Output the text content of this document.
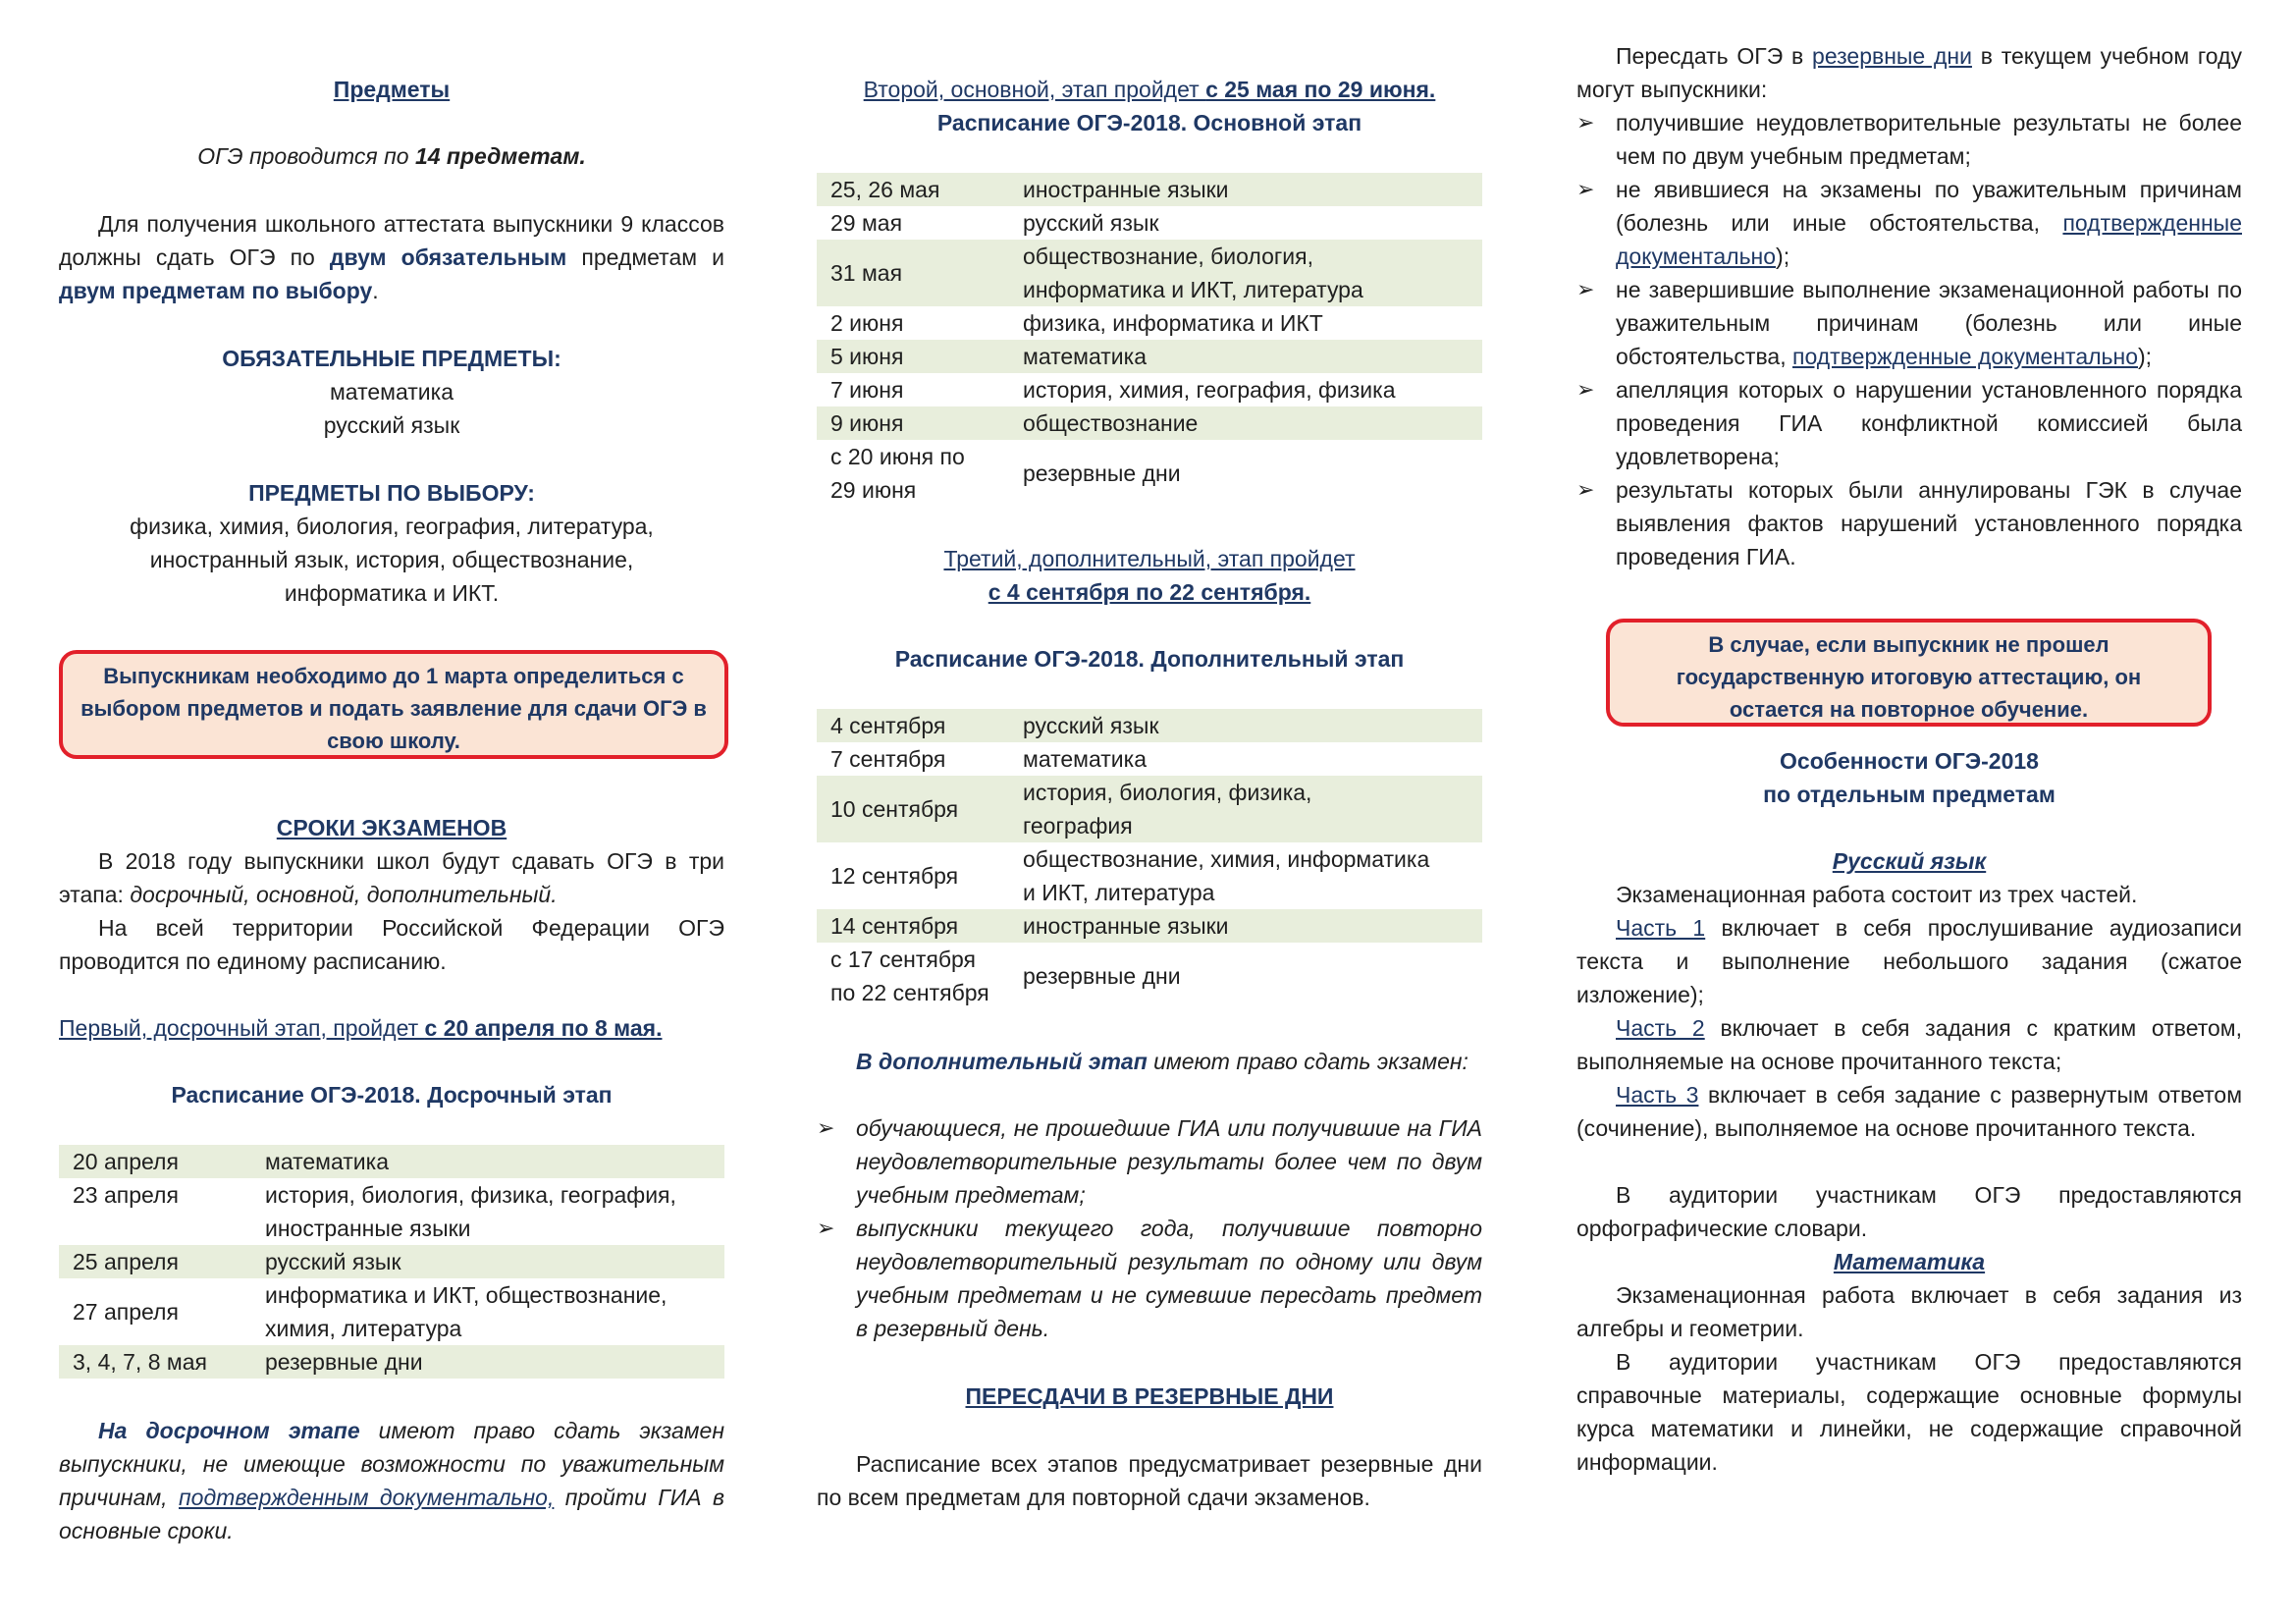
Предметы
ОГЭ проводится по 14 предметам.
Для получения школьного аттестата выпускники 9 классов должны сдать ОГЭ по двум обязательным предметам и двум предметам по выбору.
ОБЯЗАТЕЛЬНЫЕ ПРЕДМЕТЫ:
математика
русский язык
ПРЕДМЕТЫ ПО ВЫБОРУ:
физика, химия, биология, география, литература, иностранный язык, история, обществознание, информатика и ИКТ.
Выпускникам необходимо до 1 марта определиться с выбором предметов и подать заявление для сдачи ОГЭ в свою школу.
СРОКИ ЭКЗАМЕНОВ
В 2018 году выпускники школ будут сдавать ОГЭ в три этапа: досрочный, основной, дополнительный.
На всей территории Российской Федерации ОГЭ проводится по единому расписанию.
Первый, досрочный этап, пройдет с 20 апреля по 8 мая.
Расписание ОГЭ-2018. Досрочный этап
20 апреля	математика
23 апреля	история, биология, физика, география, иностранные языки
25 апреля	русский язык
27 апреля	информатика и ИКТ, обществознание, химия, литература
3, 4, 7, 8 мая	резервные дни
На досрочном этапе имеют право сдать экзамен выпускники, не имеющие возможности по уважительным причинам, подтвержденным документально, пройти ГИА в основные сроки.
Второй, основной, этап пройдет с 25 мая по 29 июня.
Расписание ОГЭ-2018. Основной этап
25, 26 мая	иностранные языки
29 мая	русский язык
31 мая	обществознание, биология, информатика и ИКТ, литература
2 июня	физика, информатика и ИКТ
5 июня	математика
7 июня	история, химия, география, физика
9 июня	обществознание
с 20 июня по 29 июня	резервные дни
Третий, дополнительный, этап пройдет
с 4 сентября по 22 сентября.
Расписание ОГЭ-2018. Дополнительный этап
4 сентября	русский язык
7 сентября	математика
10 сентября	история, биология, физика, география
12 сентября	обществознание, химия, информатика и ИКТ, литература
14 сентября	иностранные языки
с 17 сентября по 22 сентября	резервные дни
В дополнительный этап имеют право сдать экзамен:
➢ обучающиеся, не прошедшие ГИА или получившие на ГИА неудовлетворительные результаты более чем по двум учебным предметам;
➢ выпускники текущего года, получившие повторно неудовлетворительный результат по одному или двум учебным предметам и не сумевшие пересдать предмет в резервный день.
ПЕРЕСДАЧИ В РЕЗЕРВНЫЕ ДНИ
Расписание всех этапов предусматривает резервные дни по всем предметам для повторной сдачи экзаменов.
Пересдать ОГЭ в резервные дни в текущем учебном году могут выпускники:
➢ получившие неудовлетворительные результаты не более чем по двум учебным предметам;
➢ не явившиеся на экзамены по уважительным причинам (болезнь или иные обстоятельства, подтвержденные документально);
➢ не завершившие выполнение экзаменационной работы по уважительным причинам (болезнь или иные обстоятельства, подтвержденные документально);
➢ апелляция которых о нарушении установленного порядка проведения ГИА конфликтной комиссией была удовлетворена;
➢ результаты которых были аннулированы ГЭК в случае выявления фактов нарушений установленного порядка проведения ГИА.
В случае, если выпускник не прошел государственную итоговую аттестацию, он остается на повторное обучение.
Особенности ОГЭ-2018
по отдельным предметам
Русский язык
Экзаменационная работа состоит из трех частей.
Часть 1 включает в себя прослушивание аудиозаписи текста и выполнение небольшого задания (сжатое изложение);
Часть 2 включает в себя задания с кратким ответом, выполняемые на основе прочитанного текста;
Часть 3 включает в себя задание с развернутым ответом (сочинение), выполняемое на основе прочитанного текста.
В аудитории участникам ОГЭ предоставляются орфографические словари.
Математика
Экзаменационная работа включает в себя задания из алгебры и геометрии.
В аудитории участникам ОГЭ предоставляются справочные материалы, содержащие основные формулы курса математики и линейки, не содержащие справочной информации.
